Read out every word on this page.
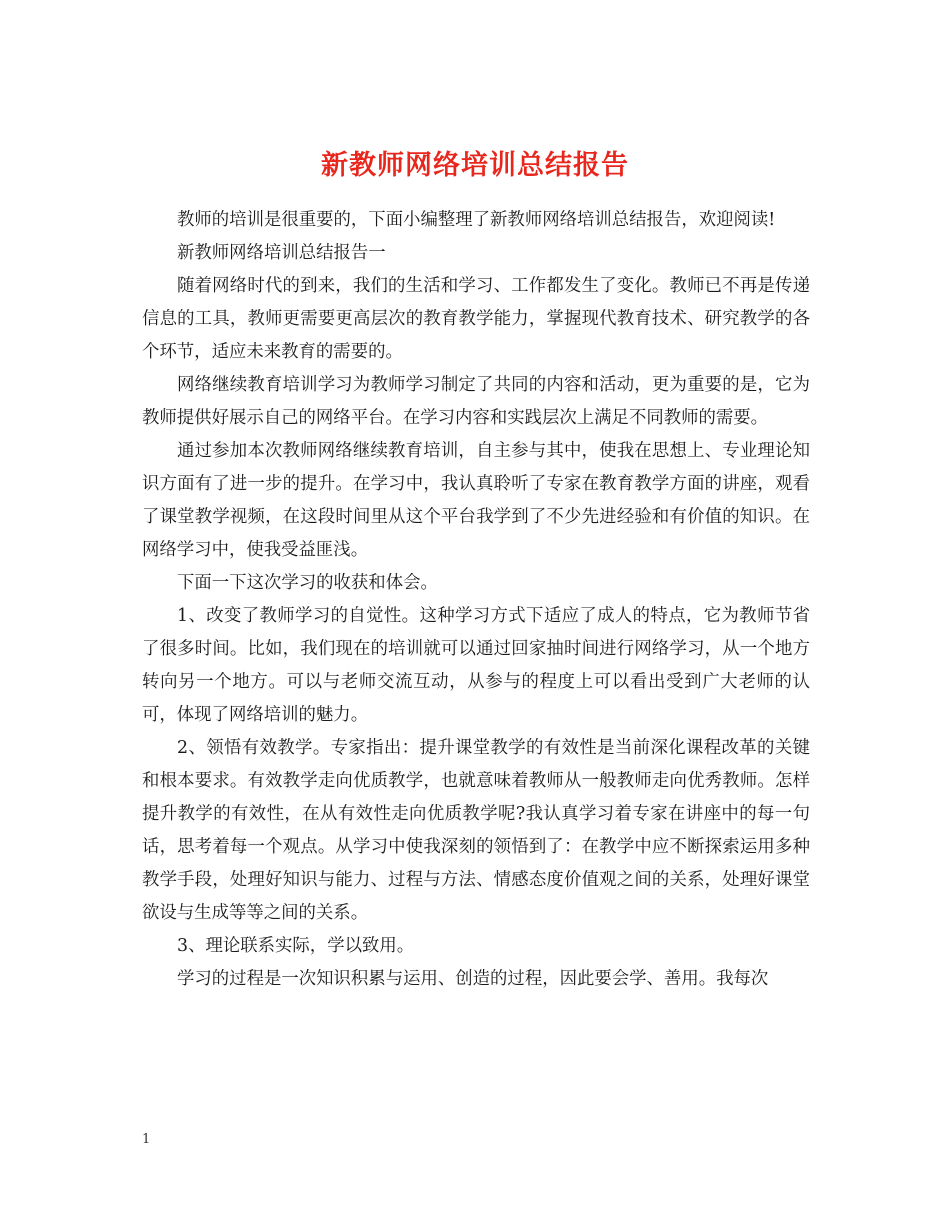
新教师网络培训总结报告

教师的培训是很重要的，下面小编整理了新教师网络培训总结报告，欢迎阅读!

新教师网络培训总结报告一

随着网络时代的到来，我们的生活和学习、工作都发生了变化。教师已不再是传递信息的工具，教师更需要更高层次的教育教学能力，掌握现代教育技术、研究教学的各个环节，适应未来教育的需要的。

网络继续教育培训学习为教师学习制定了共同的内容和活动，更为重要的是，它为教师提供好展示自己的网络平台。在学习内容和实践层次上满足不同教师的需要。

通过参加本次教师网络继续教育培训，自主参与其中，使我在思想上、专业理论知识方面有了进一步的提升。在学习中，我认真聆听了专家在教育教学方面的讲座，观看了课堂教学视频，在这段时间里从这个平台我学到了不少先进经验和有价值的知识。在网络学习中，使我受益匪浅。

下面一下这次学习的收获和体会。

1、改变了教师学习的自觉性。这种学习方式下适应了成人的特点，它为教师节省了很多时间。比如，我们现在的培训就可以通过回家抽时间进行网络学习，从一个地方转向另一个地方。可以与老师交流互动，从参与的程度上可以看出受到广大老师的认可，体现了网络培训的魅力。

2、领悟有效教学。专家指出：提升课堂教学的有效性是当前深化课程改革的关键和根本要求。有效教学走向优质教学，也就意味着教师从一般教师走向优秀教师。怎样提升教学的有效性，在从有效性走向优质教学呢?我认真学习着专家在讲座中的每一句话，思考着每一个观点。从学习中使我深刻的领悟到了：在教学中应不断探索运用多种教学手段，处理好知识与能力、过程与方法、情感态度价值观之间的关系，处理好课堂欲设与生成等等之间的关系。

3、理论联系实际，学以致用。

学习的过程是一次知识积累与运用、创造的过程，因此要会学、善用。我每次

1
